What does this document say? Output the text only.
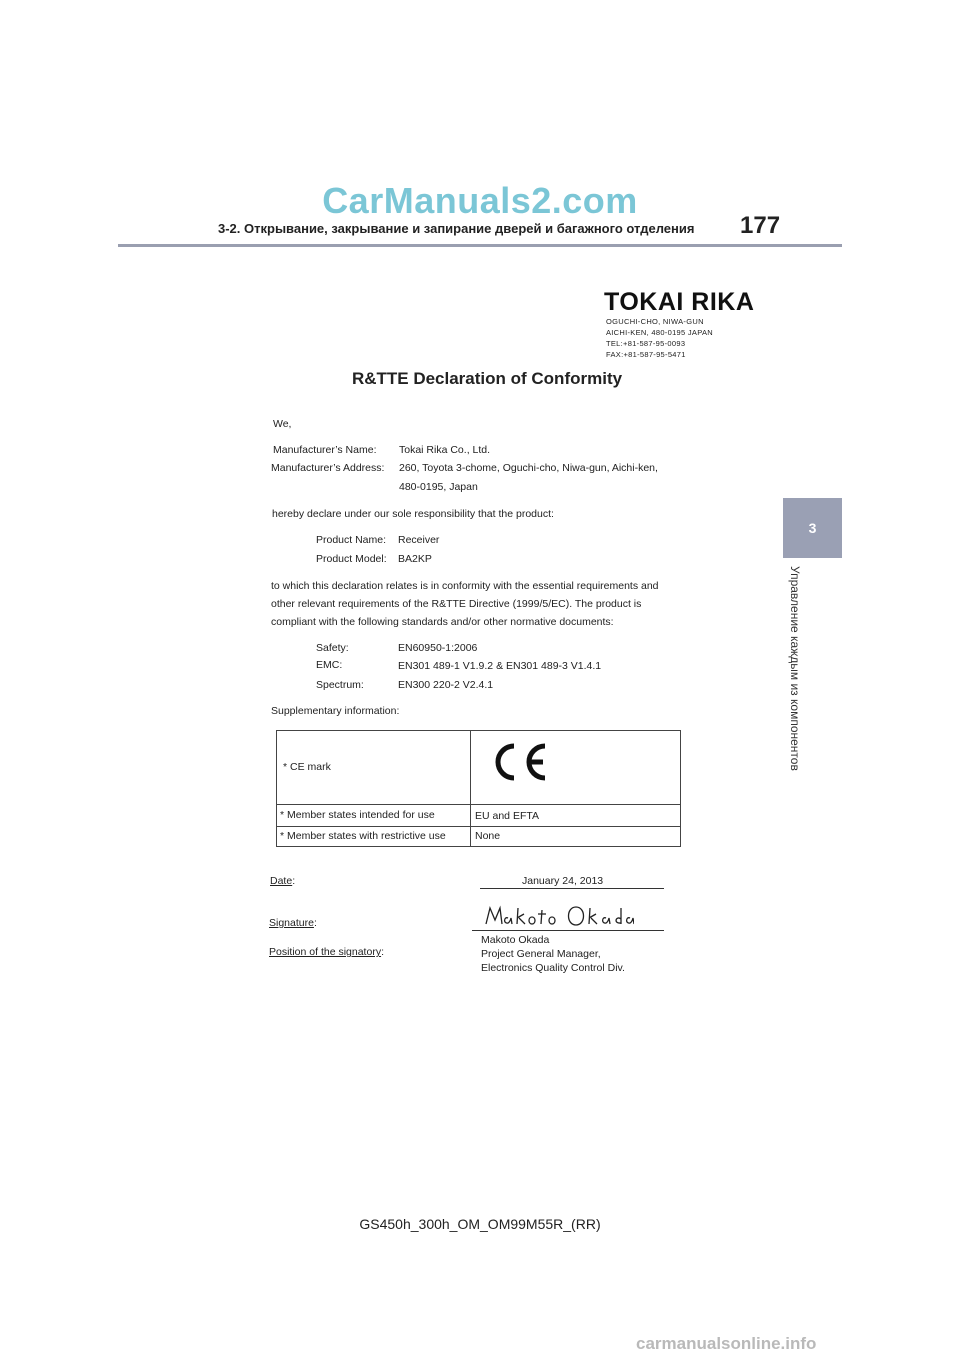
CarManuals2.com
3-2. Открывание, закрывание и запирание дверей и багажного отделения 177
3
Управление каждым из компонентов
TOKAI RIKA
OGUCHI-CHO, NIWA-GUN
AICHI-KEN, 480-0195 JAPAN
TEL:+81-587-95-0093
FAX:+81-587-95-5471
R&TTE Declaration of Conformity
We,
Manufacturer’s Name: Tokai Rika Co., Ltd.
Manufacturer’s Address: 260, Toyota 3-chome, Oguchi-cho, Niwa-gun, Aichi-ken,
480-0195, Japan
hereby declare under our sole responsibility that the product:
Product Name: Receiver
Product Model: BA2KP
to which this declaration relates is in conformity with the essential requirements and
other relevant requirements of the R&TTE Directive (1999/5/EC). The product is
compliant with the following standards and/or other normative documents:
Safety:	EN60950-1:2006
EMC:	EN301 489-1 V1.9.2 & EN301 489-3 V1.4.1
Spectrum:	EN300 220-2 V2.4.1
Supplementary information:
* CE mark
* Member states intended for use	EU and EFTA
* Member states with restrictive use	None
Date:	January 24, 2013
Signature:
Makoto Okada
Position of the signatory:	Project General Manager,
Electronics Quality Control Div.
GS450h_300h_OM_OM99M55R_(RR)
carmanualsonline.info
